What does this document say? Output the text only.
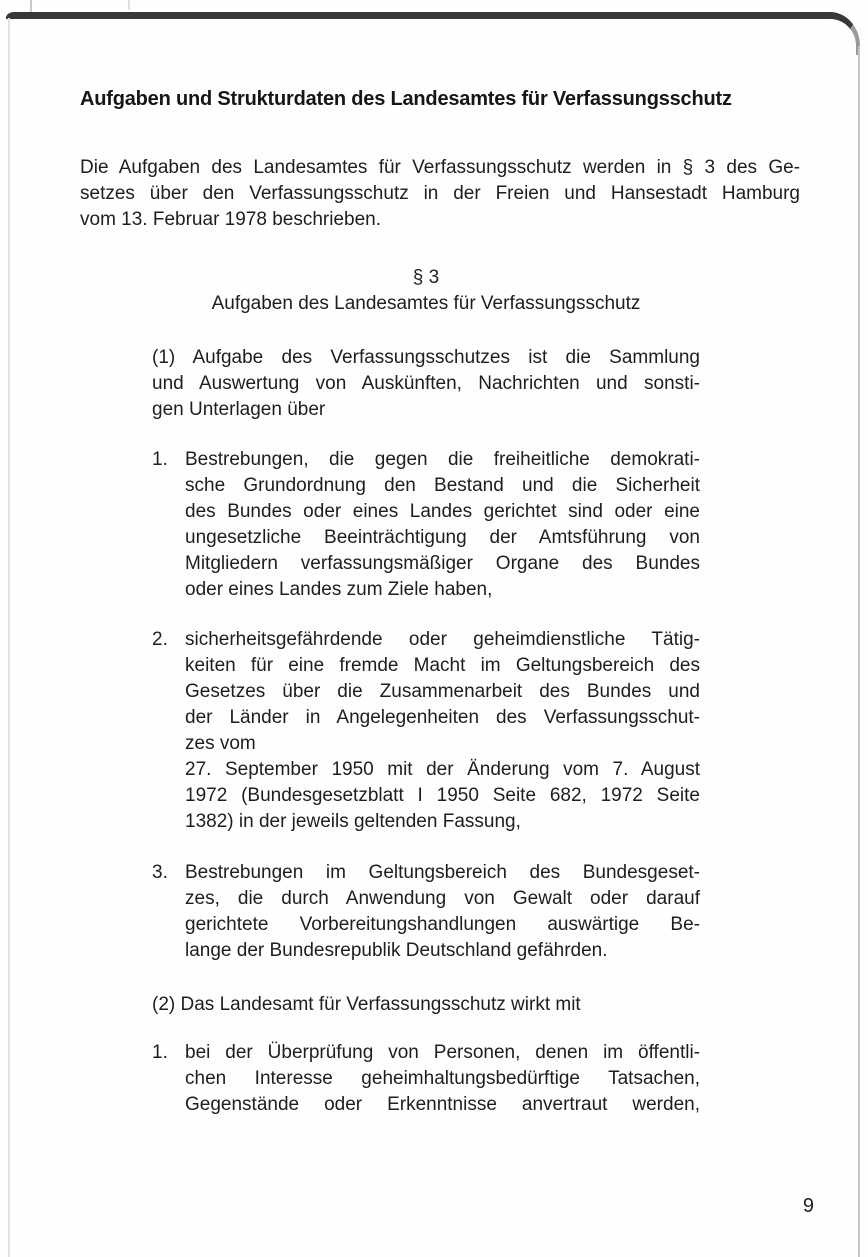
Aufgaben und Strukturdaten des Landesamtes für Verfassungsschutz
Die Aufgaben des Landesamtes für Verfassungsschutz werden in § 3 des Ge-
setzes über den Verfassungsschutz in der Freien und Hansestadt Hamburg
vom 13. Februar 1978 beschrieben.
§ 3
Aufgaben des Landesamtes für Verfassungsschutz
(1) Aufgabe des Verfassungsschutzes ist die Sammlung
und Auswertung von Auskünften, Nachrichten und sonsti-
gen Unterlagen über
1. Bestrebungen, die gegen die freiheitliche demokrati-
sche Grundordnung den Bestand und die Sicherheit
des Bundes oder eines Landes gerichtet sind oder eine
ungesetzliche Beeinträchtigung der Amtsführung von
Mitgliedern verfassungsmäßiger Organe des Bundes
oder eines Landes zum Ziele haben,
2. sicherheitsgefährdende oder geheimdienstliche Tätig-
keiten für eine fremde Macht im Geltungsbereich des
Gesetzes über die Zusammenarbeit des Bundes und
der Länder in Angelegenheiten des Verfassungsschut-
zes vom
27. September 1950 mit der Änderung vom 7. August
1972 (Bundesgesetzblatt I 1950 Seite 682, 1972 Seite
1382) in der jeweils geltenden Fassung,
3. Bestrebungen im Geltungsbereich des Bundesgeset-
zes, die durch Anwendung von Gewalt oder darauf
gerichtete Vorbereitungshandlungen auswärtige Be-
lange der Bundesrepublik Deutschland gefährden.
(2) Das Landesamt für Verfassungsschutz wirkt mit
1. bei der Überprüfung von Personen, denen im öffentli-
chen Interesse geheimhaltungsbedürftige Tatsachen,
Gegenstände oder Erkenntnisse anvertraut werden,
9
